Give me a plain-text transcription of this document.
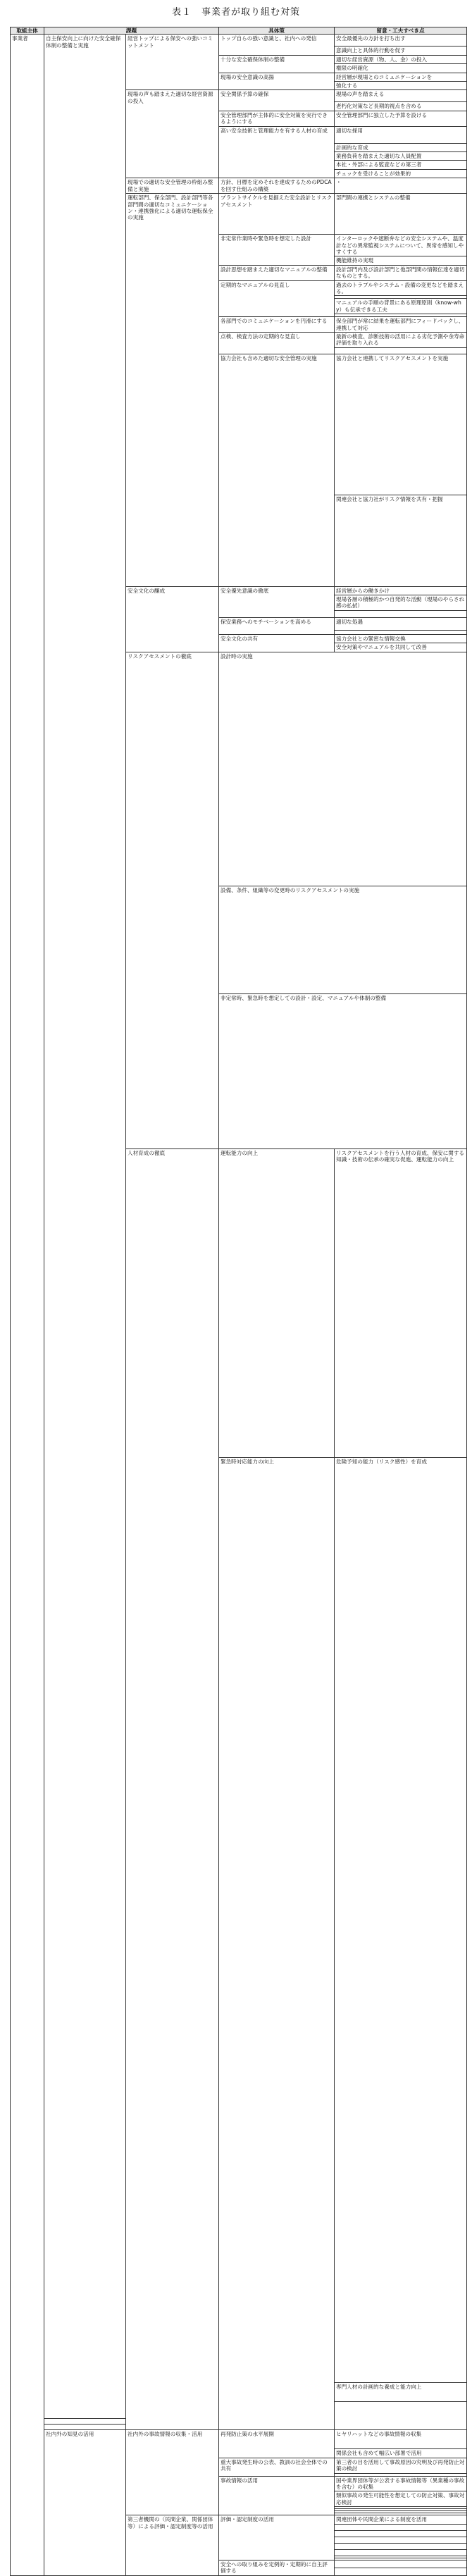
表１　事業者が取り組む対策
取組主体	課題		具体策	留意・工夫すべき点	
事業者	自主保安向上に向けた安全確保体制の整備と実施	経営トップによる保安への強いコミットメント	トップ自らの強い意識と、社内への発信	安全最優先の方針を打ち出す	
				意識向上と具体的行動を促す	
			十分な安全確保体制の整備	適切な経営資源（物、人、金）の投入	
				権限の明確化	
			現場の安全意識の高揚	経営層が現場とのコミュニケーションを	
				強化する	
		現場の声も踏まえた適切な経営資源の投入	安全関係予算の確保	現場の声を踏まえる	
				老朽化対策など長期的視点を含める	
			安全管理部門が主体的に安全対策を実行できるようにする	安全管理部門に独立した予算を設ける	
			高い安全技術と管理能力を有する人材の育成	適切な採用	
				計画的な育成	
				業務負荷を踏まえた適切な人員配置	
				本社・外部による監査などの第三者	
				チェックを受けることが効果的	
		現場での適切な安全管理の枠組み整備と実施	方針、目標を定めそれを達成するためのPDCAを回す仕組みの構築	・	
		運転部門、保全部門、設計部門等各部門間の適切なコミュニケーション・連携強化による適切な運転保全の実施	プラントサイクルを見据えた安全設計とリスクアセスメント	部門間の連携とシステムの整備	
			非定常作業時や緊急時を想定した設計	インターロックや遮断弁などの安全システムや、温度計などの異常監視システムについて、異常を感知しやすくする	
				機能維持の実現	
			設計思想を踏まえた適切なマニュアルの整備	設計部門内及び設計部門と他部門間の情報伝達を適切なものとする。	
			定期的なマニュアルの見直し	過去のトラブルやシステム・設備の変更などを踏まえる。	

				マニュアルの手順の背景にある原理原則（know-why）も伝承できる工夫	

			各部門でのコミュニケーションを円滑にする	保全部門が常に結果を運転部門にフィードバックし、連携して対応	
			点検、検査方法の定期的な見直し	最新の検査、診断技術の活用による劣化予測や余寿命評価を取り入れる	

			協力会社も含めた適切な安全管理の実施	協力会社と連携してリスクアセスメントを実施	
				関連会社と協力社がリスク情報を共有・把握	

		安全文化の醸成	安全優先意識の徹底	経営層からの働きかけ	
				現場各層の積極的かつ自発的な活動（現場のやらされ感の払拭）	

			保安業務へのモチベーションを高める	適切な処遇	

			安全文化の共有	協力会社との緊密な情報交換	
				安全対策やマニュアルを共同して改善	
		リスクアセスメントの徹底	設計時の実施	
			設備、条件、組織等の変更時のリスクアセスメントの実施	
			非定常時、緊急時を想定しての設計・設定、マニュアルや体制の整備	
		人材育成の徹底	運転能力の向上	リスクアセスメントを行う人材の育成、保安に関する知識・技術の伝承の確実な促進、運転能力の向上	

			緊急時対応能力の向上	危険予知の能力（リスク感性）を育成	

				専門人材の計画的な養成と能力向上	

	社内外の知見の活用	社内外の事故情報の収集・活用	再発防止策の水平展開	ヒヤリハットなどの事故情報の収集	
				関係会社も含めて幅広い部署で活用	
			重大事故発生時の公表、教訓の社会全体での共有	第三者の目を活用して事故原因の究明及び再発防止対策の検討	

			事故情報の活用	国や業界団体等が公表する事故情報等（異業種の事故を含む）の収集	
				類似事故の発生可能性を想定しての防止対策、事故対応検討	

		第三者機関の（民間企業、関係団体等）による評価・認定制度等の活用	評価・認定制度の活用	関連団体や民間企業による制度を活用	

			安全への取り組みを定例的・定期的に自主評価する		
